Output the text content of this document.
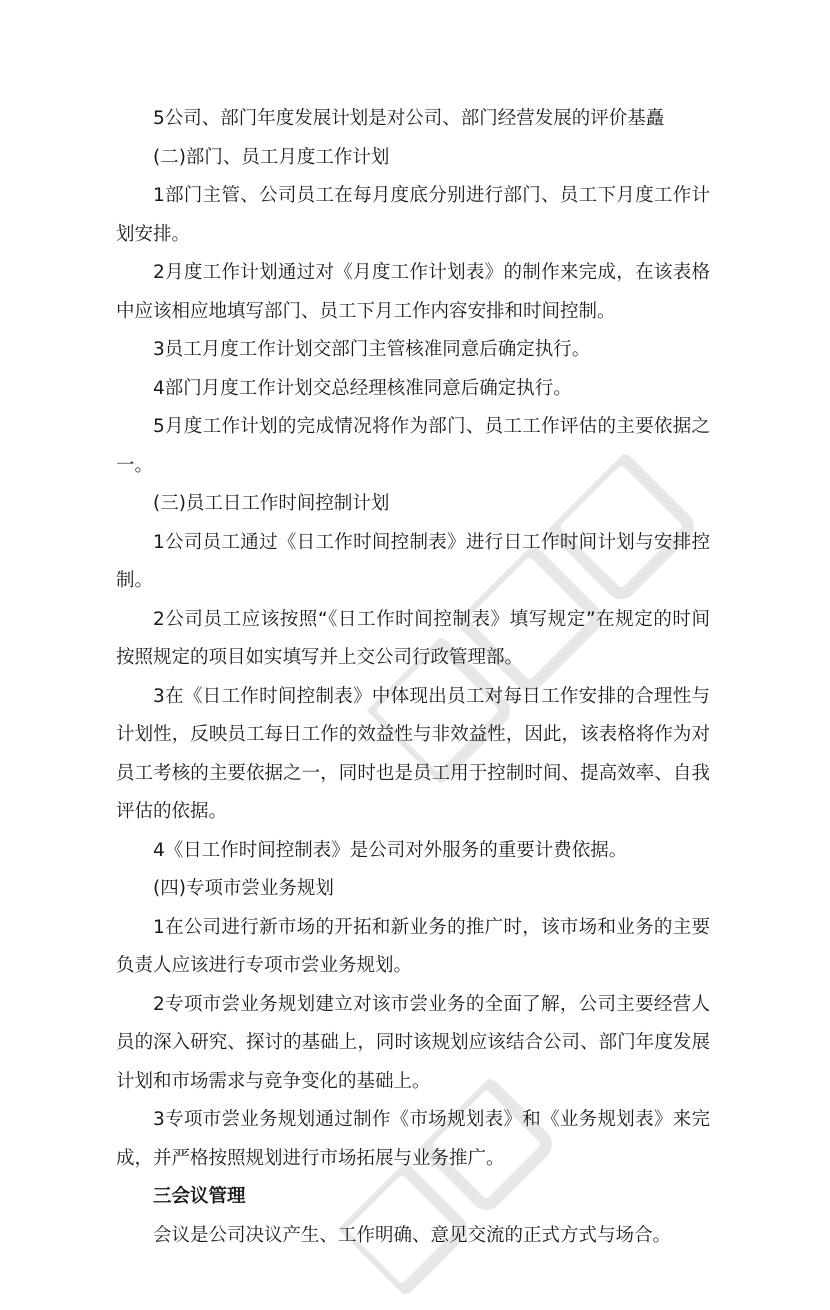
5公司、部门年度发展计划是对公司、部门经营发展的评价基矗

(二)部门、员工月度工作计划

1部门主管、公司员工在每月度底分别进行部门、员工下月度工作计划安排。

2月度工作计划通过对《月度工作计划表》的制作来完成，在该表格中应该相应地填写部门、员工下月工作内容安排和时间控制。

3员工月度工作计划交部门主管核准同意后确定执行。

4部门月度工作计划交总经理核准同意后确定执行。

5月度工作计划的完成情况将作为部门、员工工作评估的主要依据之一。

(三)员工日工作时间控制计划

1公司员工通过《日工作时间控制表》进行日工作时间计划与安排控制。

2公司员工应该按照“《日工作时间控制表》填写规定”在规定的时间按照规定的项目如实填写并上交公司行政管理部。

3在《日工作时间控制表》中体现出员工对每日工作安排的合理性与计划性，反映员工每日工作的效益性与非效益性，因此，该表格将作为对员工考核的主要依据之一，同时也是员工用于控制时间、提高效率、自我评估的依据。

4《日工作时间控制表》是公司对外服务的重要计费依据。

(四)专项市尝业务规划

1在公司进行新市场的开拓和新业务的推广时，该市场和业务的主要负责人应该进行专项市尝业务规划。

2专项市尝业务规划建立对该市尝业务的全面了解，公司主要经营人员的深入研究、探讨的基础上，同时该规划应该结合公司、部门年度发展计划和市场需求与竞争变化的基础上。

3专项市尝业务规划通过制作《市场规划表》和《业务规划表》来完成，并严格按照规划进行市场拓展与业务推广。

三会议管理

会议是公司决议产生、工作明确、意见交流的正式方式与场合。
